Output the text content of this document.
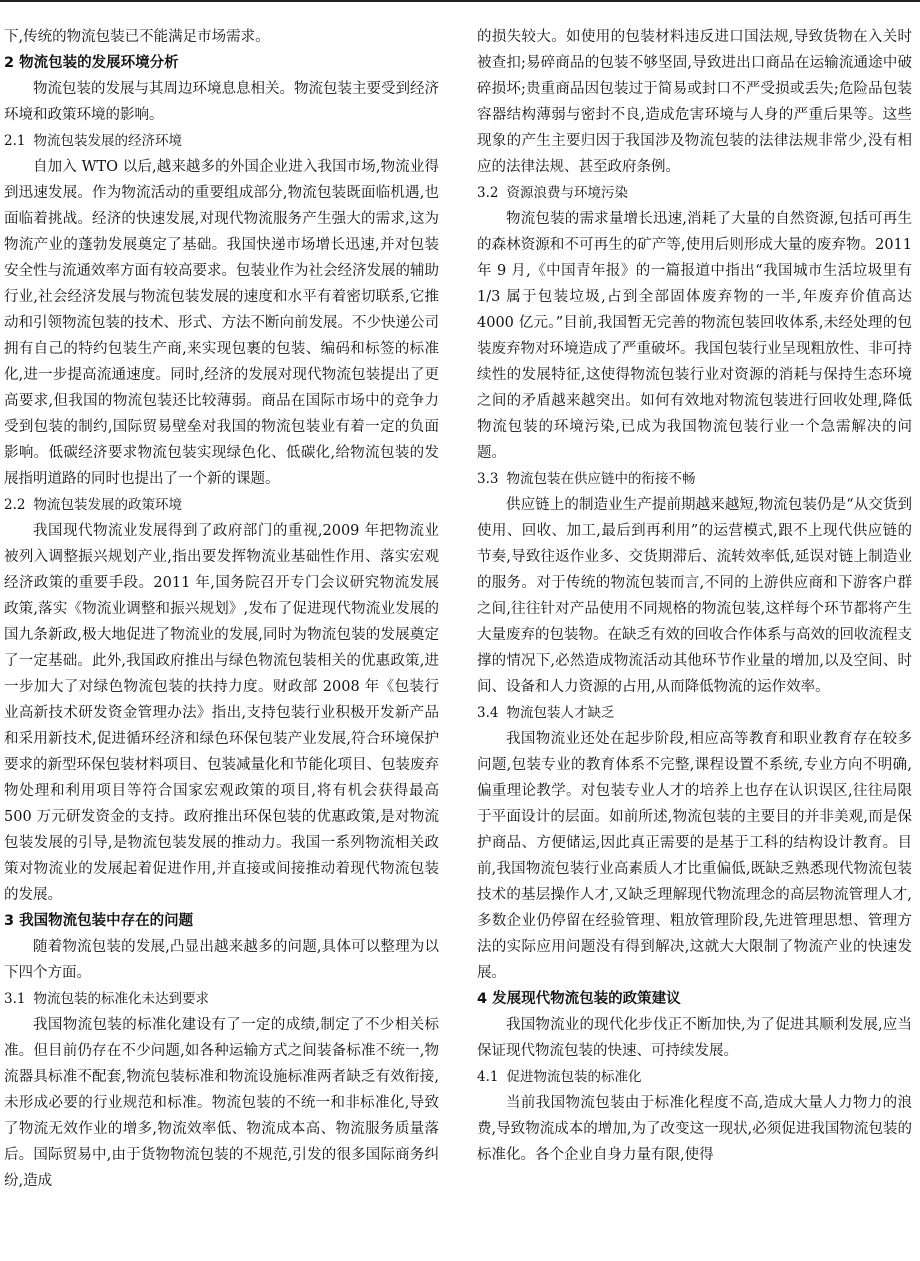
下,传统的物流包装已不能满足市场需求。

2 物流包装的发展环境分析

物流包装的发展与其周边环境息息相关。物流包装主要受到经济环境和政策环境的影响。

2.1 物流包装发展的经济环境

自加入 WTO 以后,越来越多的外国企业进入我国市场,物流业得到迅速发展。作为物流活动的重要组成部分,物流包装既面临机遇,也面临着挑战。经济的快速发展,对现代物流服务产生强大的需求,这为物流产业的蓬勃发展奠定了基础。我国快递市场增长迅速,并对包装安全性与流通效率方面有较高要求。包装业作为社会经济发展的辅助行业,社会经济发展与物流包装发展的速度和水平有着密切联系,它推动和引领物流包装的技术、形式、方法不断向前发展。不少快递公司拥有自己的特约包装生产商,来实现包裹的包装、编码和标签的标准化,进一步提高流通速度。同时,经济的发展对现代物流包装提出了更高要求,但我国的物流包装还比较薄弱。商品在国际市场中的竞争力受到包装的制约,国际贸易壁垒对我国的物流包装业有着一定的负面影响。低碳经济要求物流包装实现绿色化、低碳化,给物流包装的发展指明道路的同时也提出了一个新的课题。

2.2 物流包装发展的政策环境

我国现代物流业发展得到了政府部门的重视,2009 年把物流业被列入调整振兴规划产业,指出要发挥物流业基础性作用、落实宏观经济政策的重要手段。2011 年,国务院召开专门会议研究物流发展政策,落实《物流业调整和振兴规划》,发布了促进现代物流业发展的国九条新政,极大地促进了物流业的发展,同时为物流包装的发展奠定了一定基础。此外,我国政府推出与绿色物流包装相关的优惠政策,进一步加大了对绿色物流包装的扶持力度。财政部 2008 年《包装行业高新技术研发资金管理办法》指出,支持包装行业积极开发新产品和采用新技术,促进循环经济和绿色环保包装产业发展,符合环境保护要求的新型环保包装材料项目、包装减量化和节能化项目、包装废弃物处理和利用项目等符合国家宏观政策的项目,将有机会获得最高 500 万元研发资金的支持。政府推出环保包装的优惠政策,是对物流包装发展的引导,是物流包装发展的推动力。我国一系列物流相关政策对物流业的发展起着促进作用,并直接或间接推动着现代物流包装的发展。

3 我国物流包装中存在的问题

随着物流包装的发展,凸显出越来越多的问题,具体可以整理为以下四个方面。

3.1 物流包装的标准化未达到要求

我国物流包装的标准化建设有了一定的成绩,制定了不少相关标准。但目前仍存在不少问题,如各种运输方式之间装备标准不统一,物流器具标准不配套,物流包装标准和物流设施标准两者缺乏有效衔接,未形成必要的行业规范和标准。物流包装的不统一和非标准化,导致了物流无效作业的增多,物流效率低、物流成本高、物流服务质量落后。国际贸易中,由于货物物流包装的不规范,引发的很多国际商务纠纷,造成

的损失较大。如使用的包装材料违反进口国法规,导致货物在入关时被查扣;易碎商品的包装不够坚固,导致进出口商品在运输流通途中破碎损坏;贵重商品因包装过于简易或封口不严受损或丢失;危险品包装容器结构薄弱与密封不良,造成危害环境与人身的严重后果等。这些现象的产生主要归因于我国涉及物流包装的法律法规非常少,没有相应的法律法规、甚至政府条例。

3.2 资源浪费与环境污染

物流包装的需求量增长迅速,消耗了大量的自然资源,包括可再生的森林资源和不可再生的矿产等,使用后则形成大量的废弃物。2011 年 9 月,《中国青年报》的一篇报道中指出“我国城市生活垃圾里有 1/3 属于包装垃圾,占到全部固体废弃物的一半,年废弃价值高达 4000 亿元。”目前,我国暂无完善的物流包装回收体系,未经处理的包装废弃物对环境造成了严重破坏。我国包装行业呈现粗放性、非可持续性的发展特征,这使得物流包装行业对资源的消耗与保持生态环境之间的矛盾越来越突出。如何有效地对物流包装进行回收处理,降低物流包装的环境污染,已成为我国物流包装行业一个急需解决的问题。

3.3 物流包装在供应链中的衔接不畅

供应链上的制造业生产提前期越来越短,物流包装仍是“从交货到使用、回收、加工,最后到再利用”的运营模式,跟不上现代供应链的节奏,导致往返作业多、交货期滞后、流转效率低,延误对链上制造业的服务。对于传统的物流包装而言,不同的上游供应商和下游客户群之间,往往针对产品使用不同规格的物流包装,这样每个环节都将产生大量废弃的包装物。在缺乏有效的回收合作体系与高效的回收流程支撑的情况下,必然造成物流活动其他环节作业量的增加,以及空间、时间、设备和人力资源的占用,从而降低物流的运作效率。

3.4 物流包装人才缺乏

我国物流业还处在起步阶段,相应高等教育和职业教育存在较多问题,包装专业的教育体系不完整,课程设置不系统,专业方向不明确,偏重理论教学。对包装专业人才的培养上也存在认识误区,往往局限于平面设计的层面。如前所述,物流包装的主要目的并非美观,而是保护商品、方便储运,因此真正需要的是基于工科的结构设计教育。目前,我国物流包装行业高素质人才比重偏低,既缺乏熟悉现代物流包装技术的基层操作人才,又缺乏理解现代物流理念的高层物流管理人才,多数企业仍停留在经验管理、粗放管理阶段,先进管理思想、管理方法的实际应用问题没有得到解决,这就大大限制了物流产业的快速发展。

4 发展现代物流包装的政策建议

我国物流业的现代化步伐正不断加快,为了促进其顺利发展,应当保证现代物流包装的快速、可持续发展。

4.1 促进物流包装的标准化

当前我国物流包装由于标准化程度不高,造成大量人力物力的浪费,导致物流成本的增加,为了改变这一现状,必须促进我国物流包装的标准化。各个企业自身力量有限,使得
